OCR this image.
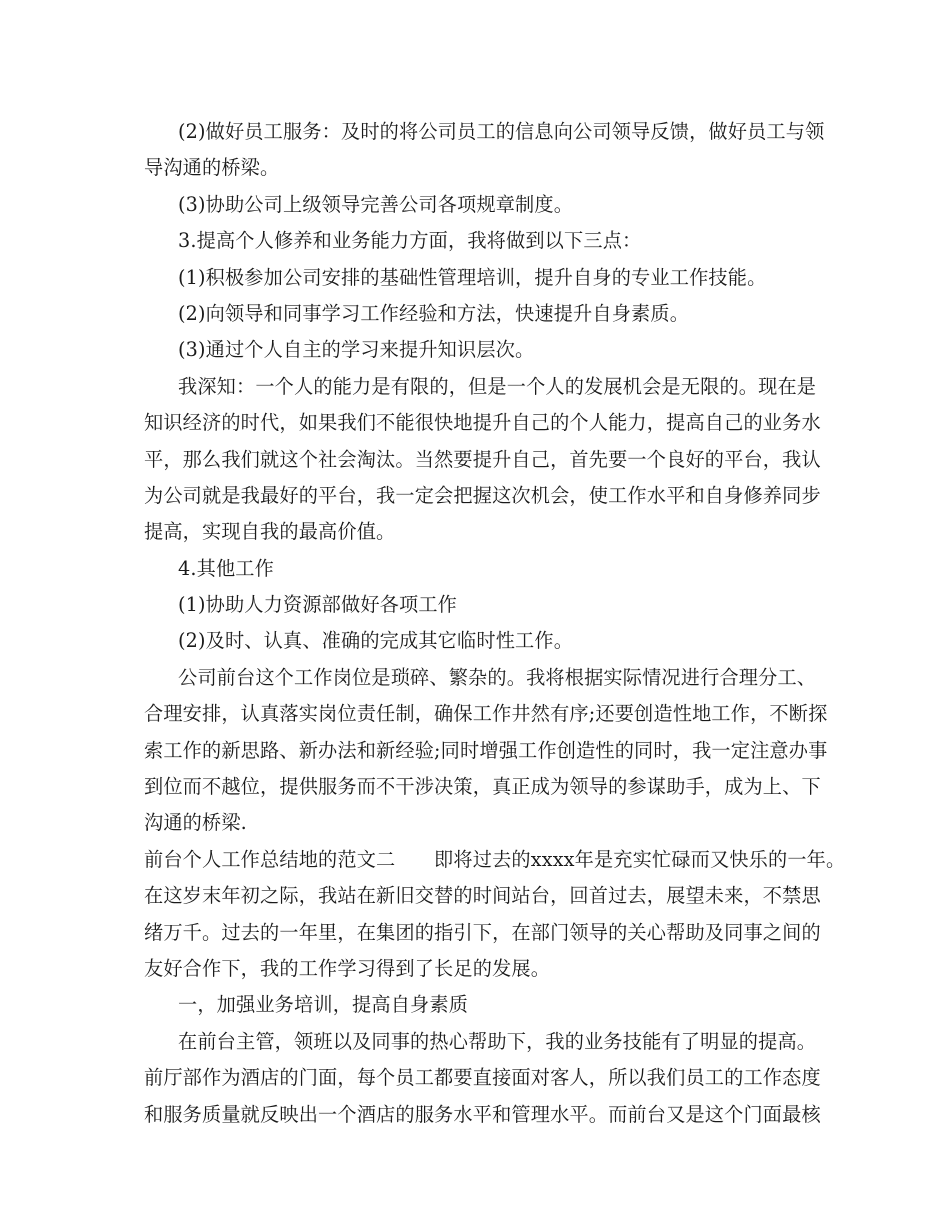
(2)做好员工服务：及时的将公司员工的信息向公司领导反馈，做好员工与领
导沟通的桥梁。
(3)协助公司上级领导完善公司各项规章制度。
3.提高个人修养和业务能力方面，我将做到以下三点：
(1)积极参加公司安排的基础性管理培训，提升自身的专业工作技能。
(2)向领导和同事学习工作经验和方法，快速提升自身素质。
(3)通过个人自主的学习来提升知识层次。
我深知：一个人的能力是有限的，但是一个人的发展机会是无限的。现在是
知识经济的时代，如果我们不能很快地提升自己的个人能力，提高自己的业务水
平，那么我们就这个社会淘汰。当然要提升自己，首先要一个良好的平台，我认
为公司就是我最好的平台，我一定会把握这次机会，使工作水平和自身修养同步
提高，实现自我的最高价值。
4.其他工作
(1)协助人力资源部做好各项工作
(2)及时、认真、准确的完成其它临时性工作。
公司前台这个工作岗位是琐碎、繁杂的。我将根据实际情况进行合理分工、
合理安排，认真落实岗位责任制，确保工作井然有序;还要创造性地工作，不断探
索工作的新思路、新办法和新经验;同时增强工作创造性的同时，我一定注意办事
到位而不越位，提供服务而不干涉决策，真正成为领导的参谋助手，成为上、下
沟通的桥梁.
前台个人工作总结地的范文二　　即将过去的xxxx年是充实忙碌而又快乐的一年。
在这岁末年初之际，我站在新旧交替的时间站台，回首过去，展望未来，不禁思
绪万千。过去的一年里，在集团的指引下，在部门领导的关心帮助及同事之间的
友好合作下，我的工作学习得到了长足的发展。
一，加强业务培训，提高自身素质
在前台主管，领班以及同事的热心帮助下，我的业务技能有了明显的提高。
前厅部作为酒店的门面，每个员工都要直接面对客人，所以我们员工的工作态度
和服务质量就反映出一个酒店的服务水平和管理水平。而前台又是这个门面最核
